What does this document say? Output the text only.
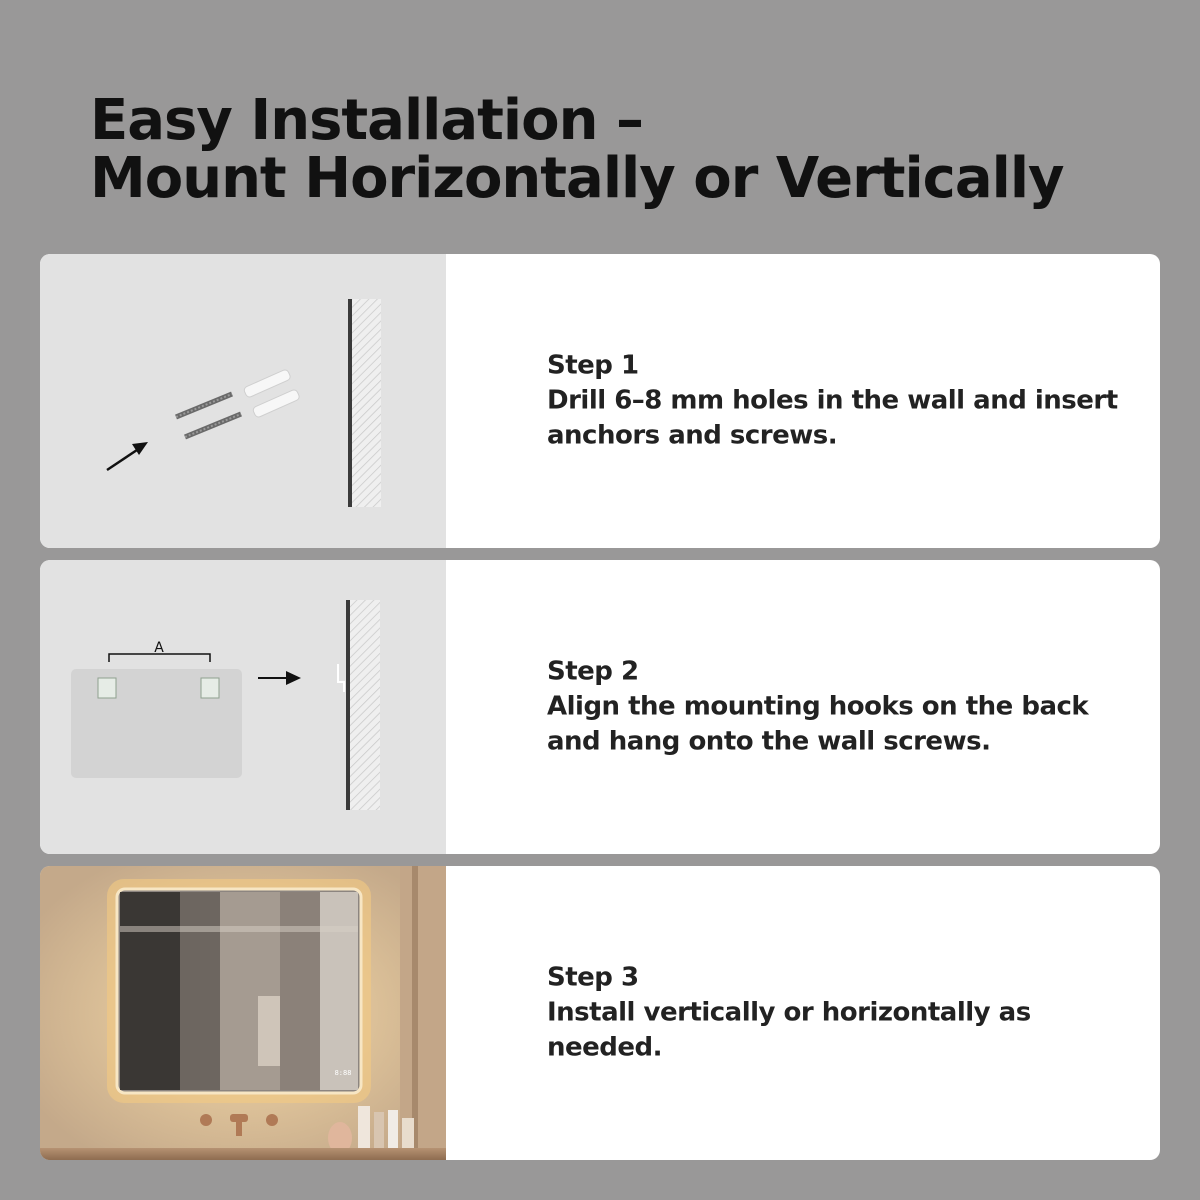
Easy Installation –
Mount Horizontally or Vertically
Step 1
Drill 6–8 mm holes in the wall and insert anchors and screws.
A
Step 2
Align the mounting hooks on the back and hang onto the wall screws.
8:88
Step 3
Install vertically or horizontally as needed.
